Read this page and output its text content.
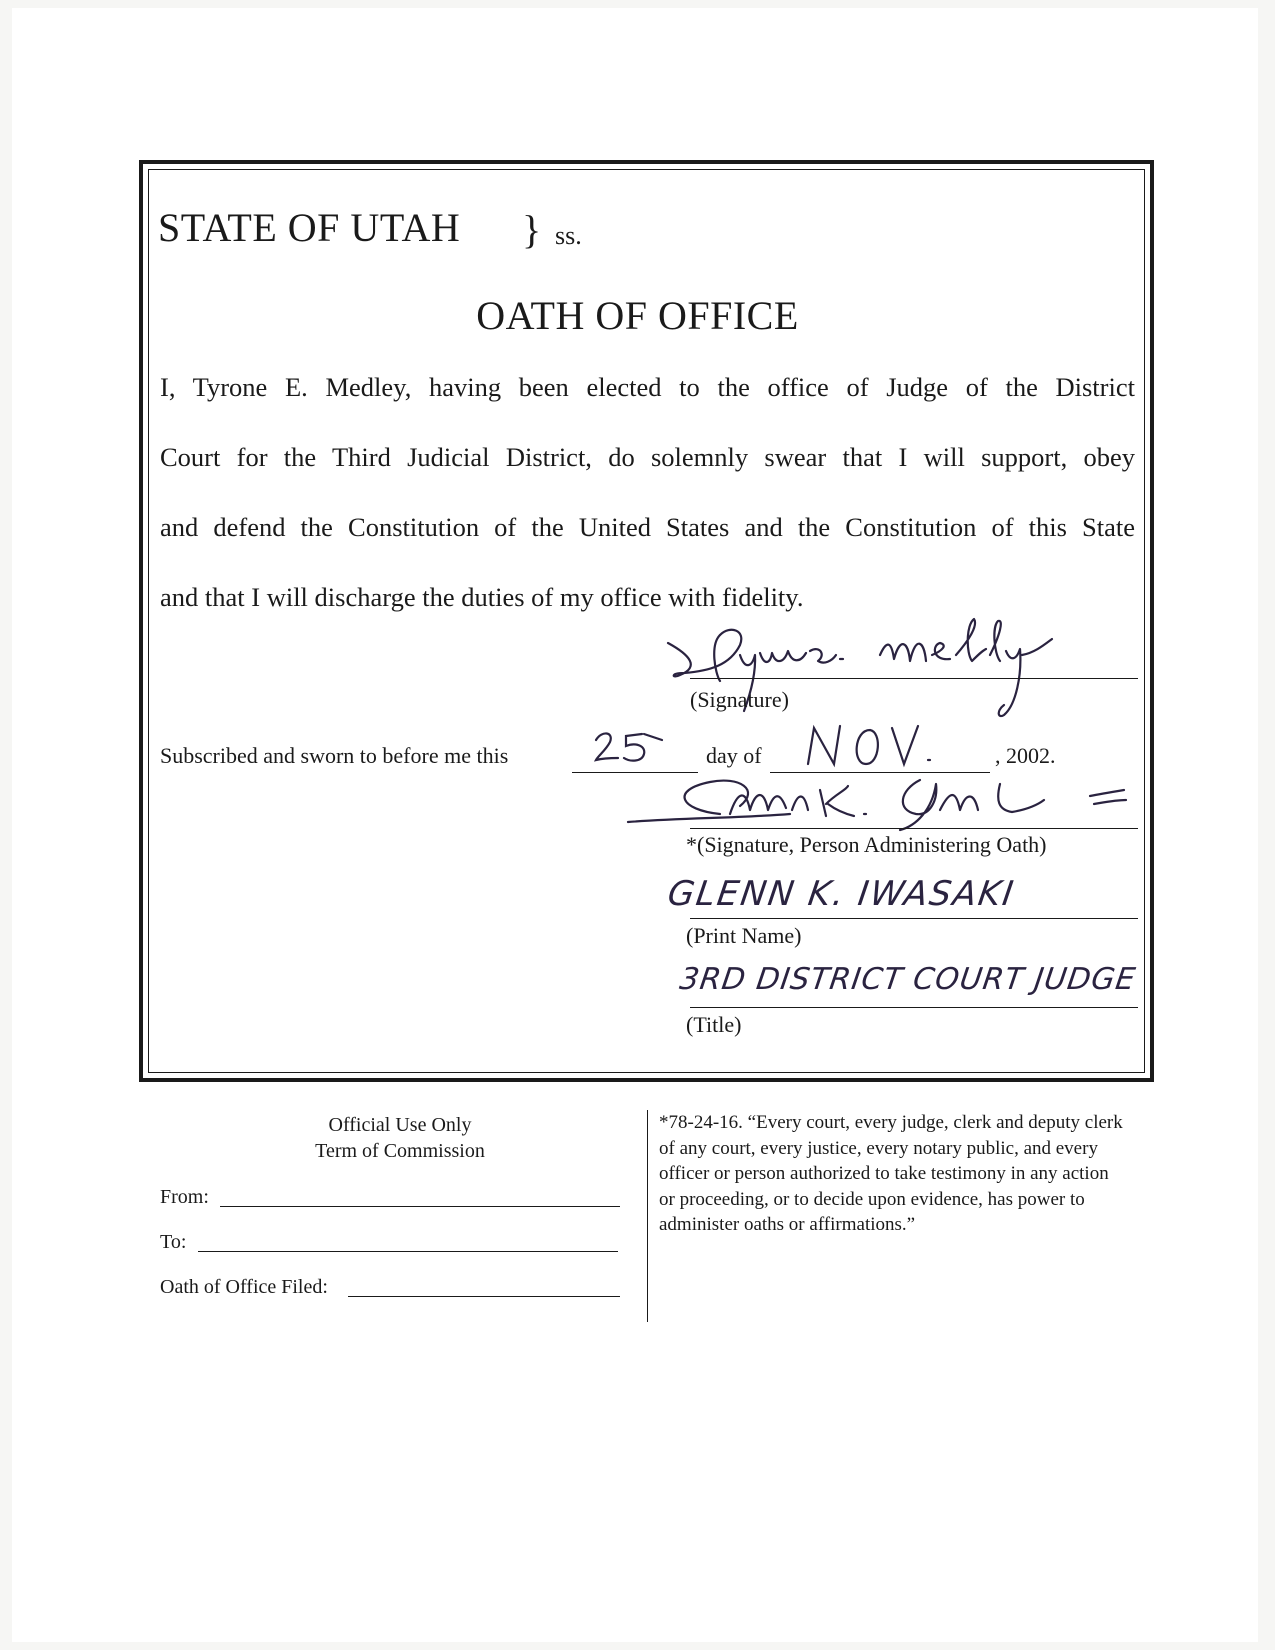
STATE OF UTAH } ss.
OATH OF OFFICE
I, Tyrone E. Medley, having been elected to the office of Judge of the District
Court for the Third Judicial District, do solemnly swear that I will support, obey
and defend the Constitution of the United States and the Constitution of this State
and that I will discharge the duties of my office with fidelity.
(Signature)
Subscribed and sworn to before me this	day of	, 2002.
*(Signature, Person Administering Oath)
GLENN K. IWASAKI
(Print Name)
3RD DISTRICT COURT JUDGE
(Title)
Official Use Only
Term of Commission
From:
To:
Oath of Office Filed:
*78-24-16. “Every court, every judge, clerk and deputy clerk of any court, every justice, every notary public, and every officer or person authorized to take testimony in any action or proceeding, or to decide upon evidence, has power to administer oaths or affirmations.”
